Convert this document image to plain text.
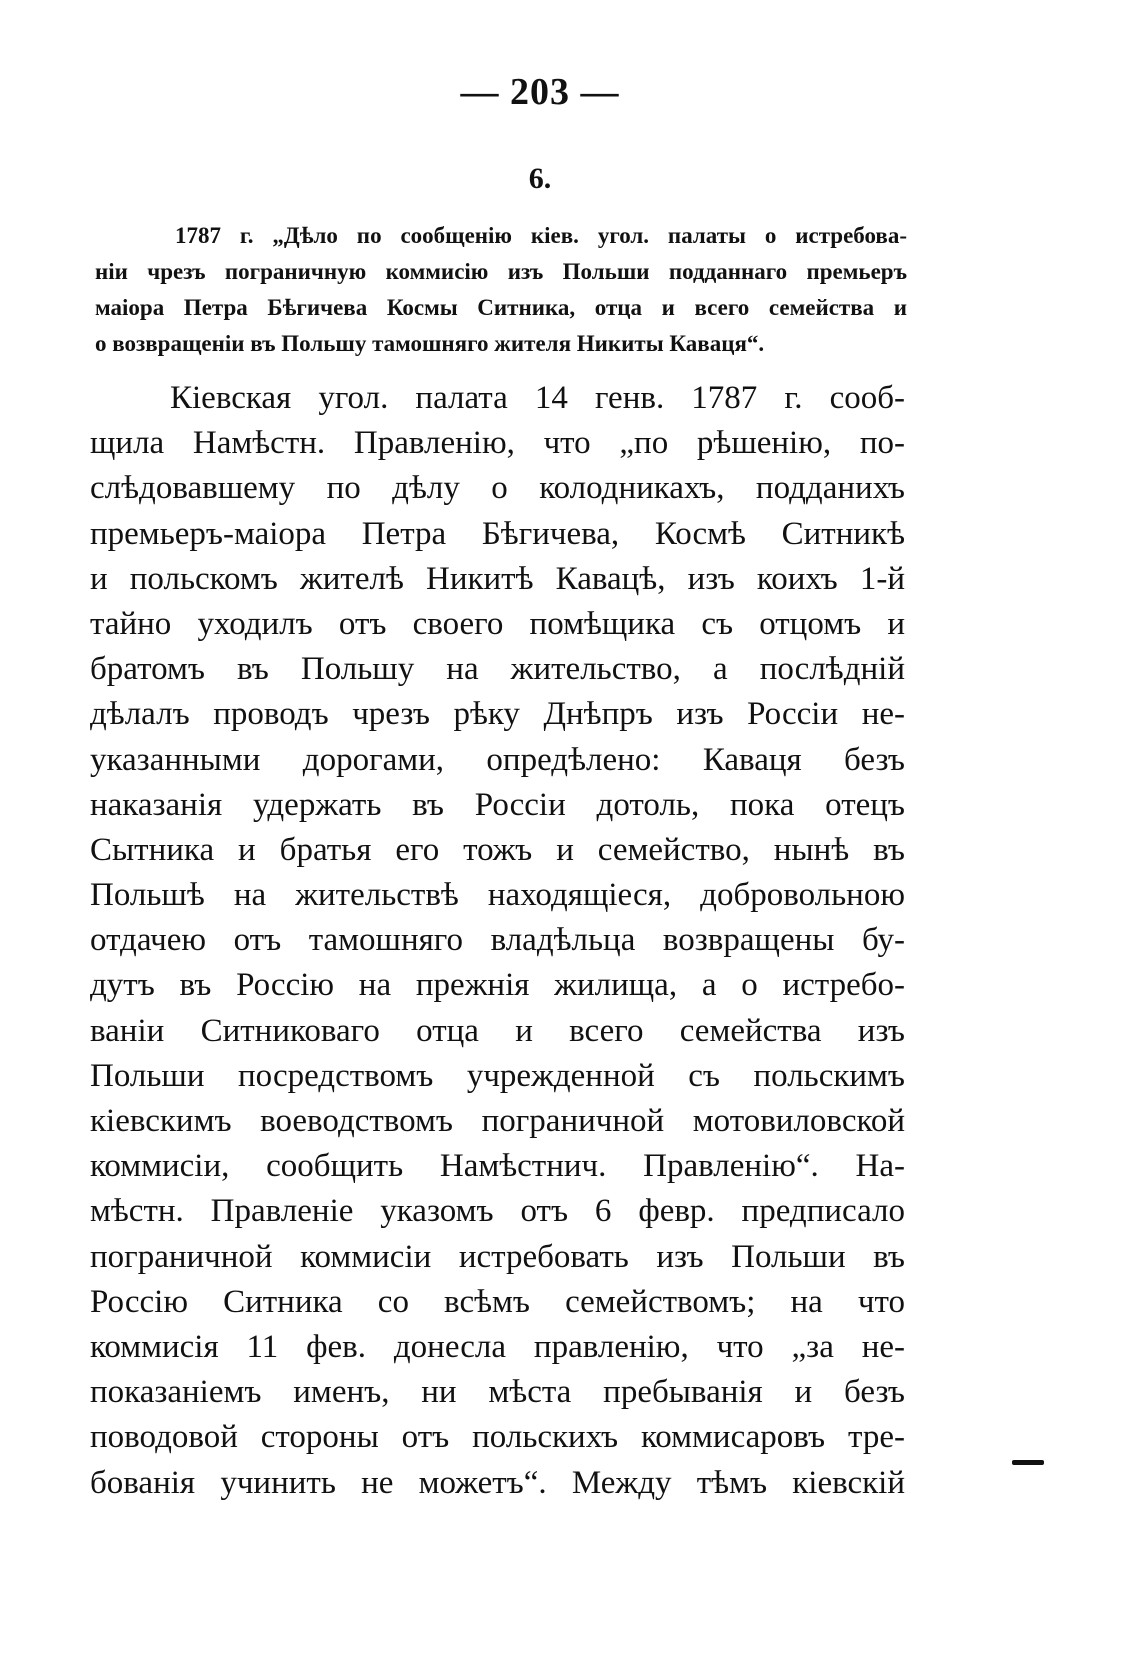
— 203 —
6.
1787 г. „Дѣло по сообщенію кіев. угол. палаты о истребова-
ніи чрезъ пограничную коммисію изъ Польши подданнаго премьеръ
маіора Петра Бѣгичева Космы Ситника, отца и всего семейства и
о возвращеніи въ Польшу тамошняго жителя Никиты Каваця“.
Кіевская угол. палата 14 генв. 1787 г. сооб-
щила Намѣстн. Правленію, что „по рѣшенію, по-
слѣдовавшему по дѣлу о колодникахъ, подданихъ
премьеръ-маіора Петра Бѣгичева, Космѣ Ситникѣ
и польскомъ жителѣ Никитѣ Кавацѣ, изъ коихъ 1-й
тайно уходилъ отъ своего помѣщика съ отцомъ и
братомъ въ Польшу на жительство, а послѣдній
дѣлалъ проводъ чрезъ рѣку Днѣпръ изъ Россіи не-
указанными дорогами, опредѣлено: Каваця безъ
наказанія удержать въ Россіи дотоль, пока отецъ
Сытника и братья его тожъ и семейство, нынѣ въ
Польшѣ на жительствѣ находящіеся, добровольною
отдачею отъ тамошняго владѣльца возвращены бу-
дутъ въ Россію на прежнія жилища, а о истребо-
ваніи Ситниковаго отца и всего семейства изъ
Польши посредствомъ учрежденной съ польскимъ
кіевскимъ воеводствомъ пограничной мотовиловской
коммисіи, сообщить Намѣстнич. Правленію“. На-
мѣстн. Правленіе указомъ отъ 6 февр. предписало
пограничной коммисіи истребовать изъ Польши въ
Россію Ситника со всѣмъ семействомъ; на что
коммисія 11 фев. донесла правленію, что „за не-
показаніемъ именъ, ни мѣста пребыванія и безъ
поводовой стороны отъ польскихъ коммисаровъ тре-
бованія учинить не можетъ“. Между тѣмъ кіевскій
